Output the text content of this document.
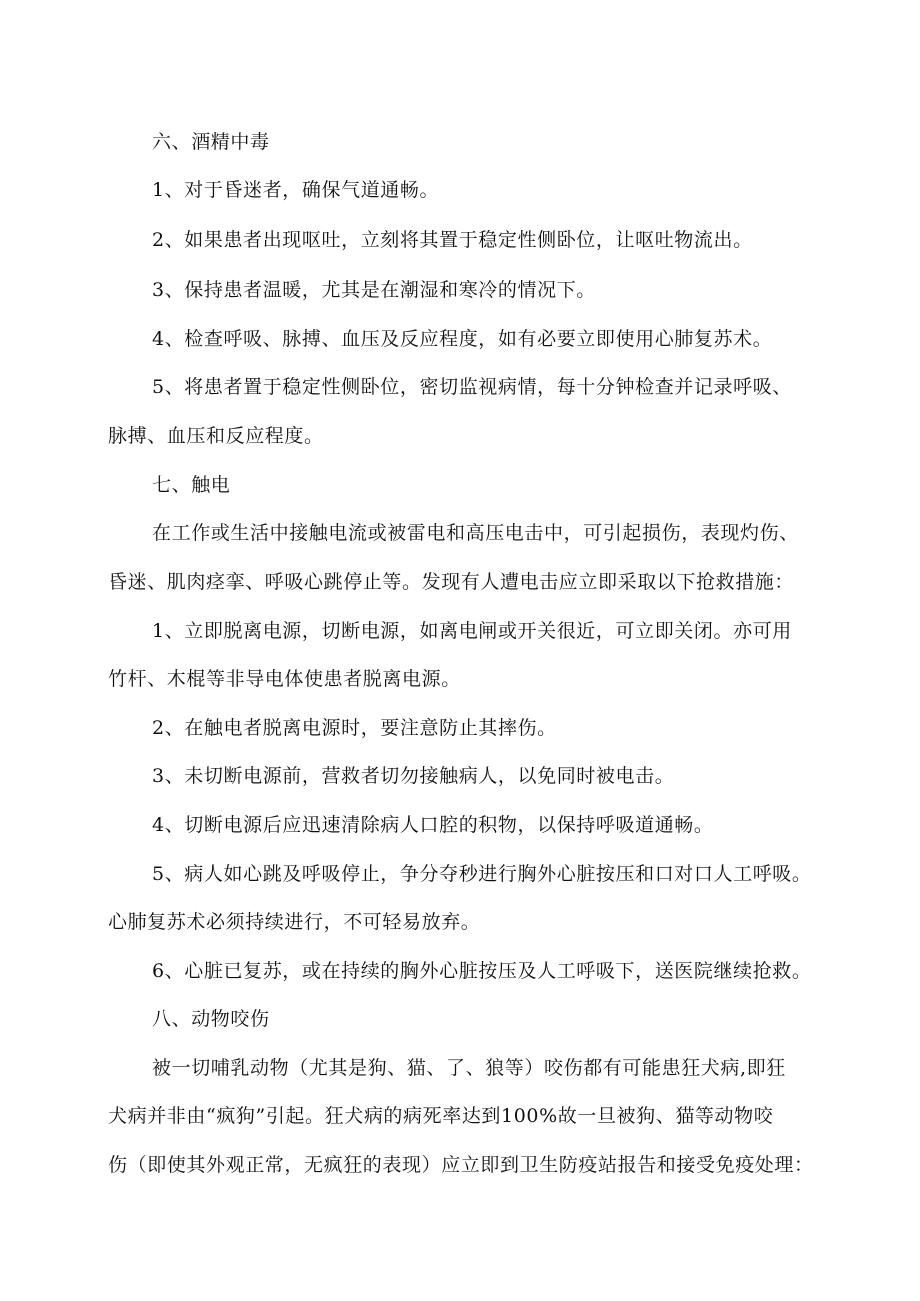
六、酒精中毒
1、对于昏迷者，确保气道通畅。
2、如果患者出现呕吐，立刻将其置于稳定性侧卧位，让呕吐物流出。
3、保持患者温暖，尤其是在潮湿和寒冷的情况下。
4、检查呼吸、脉搏、血压及反应程度，如有必要立即使用心肺复苏术。
5、将患者置于稳定性侧卧位，密切监视病情，每十分钟检查并记录呼吸、
脉搏、血压和反应程度。
七、触电
在工作或生活中接触电流或被雷电和高压电击中，可引起损伤，表现灼伤、
昏迷、肌肉痉挛、呼吸心跳停止等。发现有人遭电击应立即采取以下抢救措施：
1、立即脱离电源，切断电源，如离电闸或开关很近，可立即关闭。亦可用
竹杆、木棍等非导电体使患者脱离电源。
2、在触电者脱离电源时，要注意防止其摔伤。
3、未切断电源前，营救者切勿接触病人，以免同时被电击。
4、切断电源后应迅速清除病人口腔的积物，以保持呼吸道通畅。
5、病人如心跳及呼吸停止，争分夺秒进行胸外心脏按压和口对口人工呼吸。
心肺复苏术必须持续进行，不可轻易放弃。
6、心脏已复苏，或在持续的胸外心脏按压及人工呼吸下，送医院继续抢救。
八、动物咬伤
被一切哺乳动物（尤其是狗、猫、了、狼等）咬伤都有可能患狂犬病,即狂
犬病并非由“疯狗”引起。狂犬病的病死率达到100%故一旦被狗、猫等动物咬
伤（即使其外观正常，无疯狂的表现）应立即到卫生防疫站报告和接受免疫处理：
